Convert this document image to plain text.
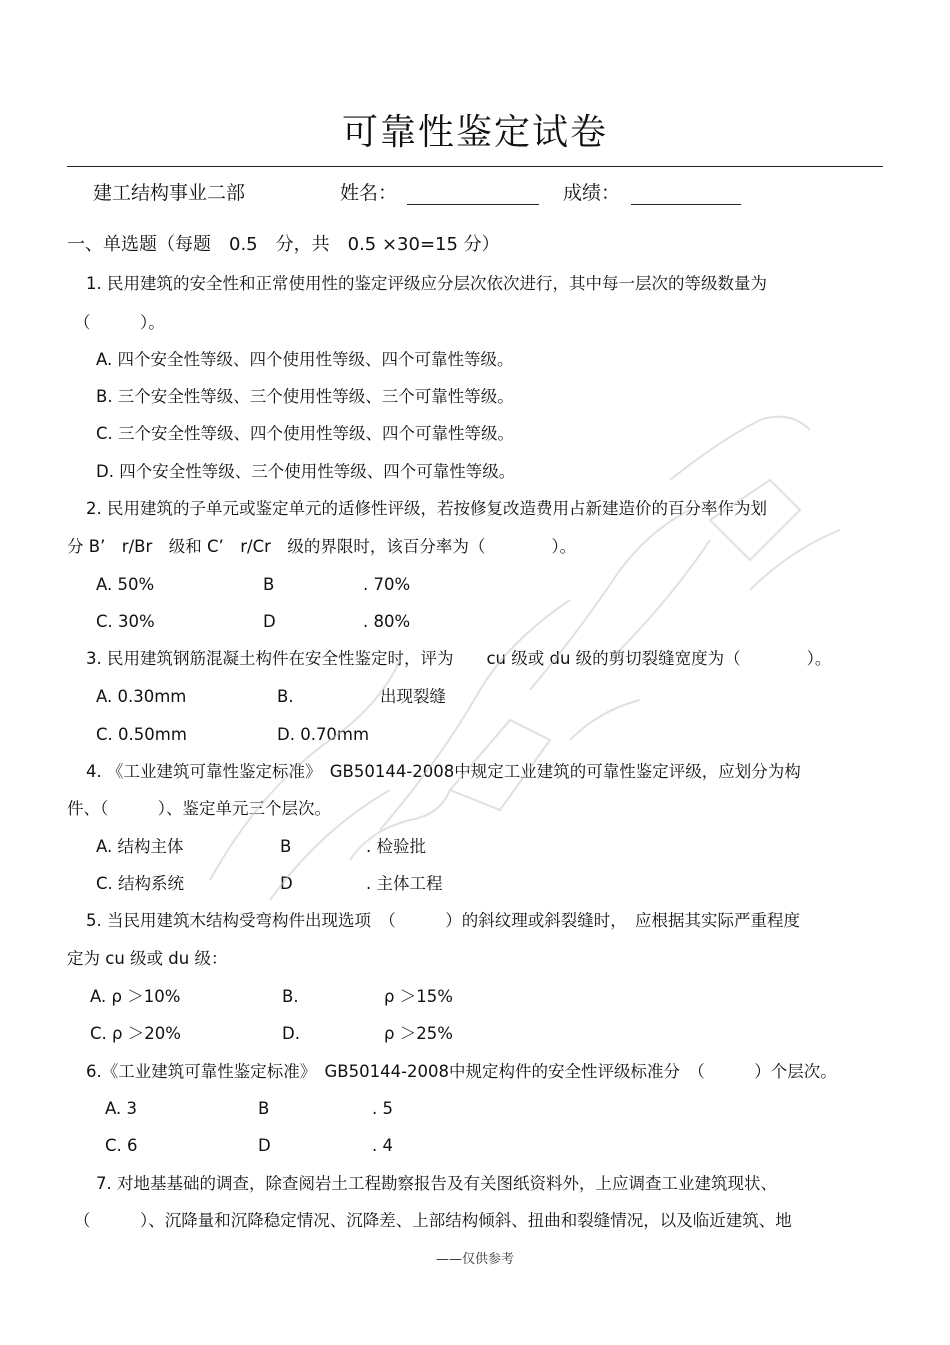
可靠性鉴定试卷
建工结构事业二部	姓名：	成绩：
一、单选题（每题　0.5　分，共　0.5 ×30=15 分）
1. 民用建筑的安全性和正常使用性的鉴定评级应分层次依次进行，其中每一层次的等级数量为
（　　　）。
A. 四个安全性等级、四个使用性等级、四个可靠性等级。
B. 三个安全性等级、三个使用性等级、三个可靠性等级。
C. 三个安全性等级、四个使用性等级、四个可靠性等级。
D. 四个安全性等级、三个使用性等级、四个可靠性等级。
2. 民用建筑的子单元或鉴定单元的适修性评级，若按修复改造费用占新建造价的百分率作为划
分 B’　r/Br　级和 C’　r/Cr　级的界限时，该百分率为（　　　　）。
A. 50%	B	. 70%
C. 30%	D	. 80%
3. 民用建筑钢筋混凝土构件在安全性鉴定时，评为　　cu 级或 du 级的剪切裂缝宽度为（　　　　）。
A. 0.30mm	B.	出现裂缝
C. 0.50mm	D. 0.70mm
4. 《工业建筑可靠性鉴定标准》　GB50144-2008中规定工业建筑的可靠性鉴定评级，应划分为构
件、（　　　）、鉴定单元三个层次。
A. 结构主体	B	. 检验批
C. 结构系统	D	. 主体工程
5. 当民用建筑木结构受弯构件出现选项　（　　　）的斜纹理或斜裂缝时，　应根据其实际严重程度
定为 cu 级或 du 级：
A. ρ ＞10%	B.	ρ ＞15%
C. ρ ＞20%	D.	ρ ＞25%
6.《工业建筑可靠性鉴定标准》　GB50144-2008中规定构件的安全性评级标准分　（　　　）个层次。
A. 3	B	. 5
C. 6	D	. 4
7. 对地基基础的调查，除查阅岩土工程勘察报告及有关图纸资料外，上应调查工业建筑现状、
（　　　）、沉降量和沉降稳定情况、沉降差、上部结构倾斜、扭曲和裂缝情况，以及临近建筑、地
——仅供参考
